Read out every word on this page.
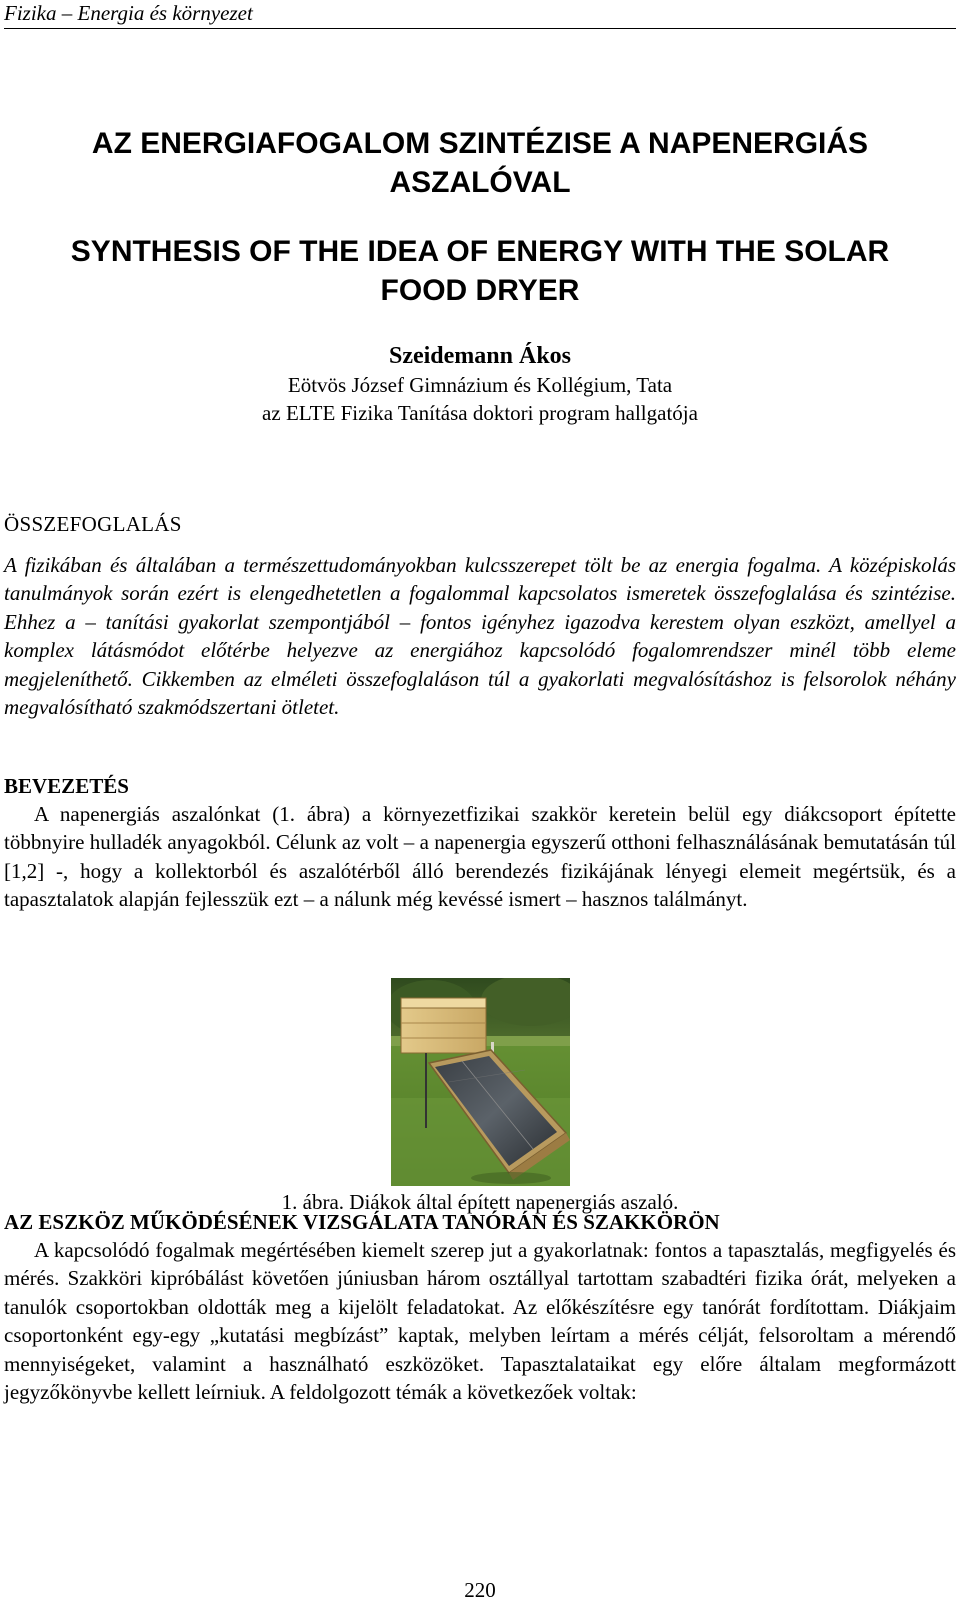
Fizika – Energia és környezet
AZ ENERGIAFOGALOM SZINTÉZISE A NAPENERGIÁS
ASZALÓVAL
SYNTHESIS OF THE IDEA OF ENERGY WITH THE SOLAR
FOOD DRYER
Szeidemann Ákos
Eötvös József Gimnázium és Kollégium, Tata
az ELTE Fizika Tanítása doktori program hallgatója
ÖSSZEFOGLALÁS
A fizikában és általában a természettudományokban kulcsszerepet tölt be az energia fogalma. A középiskolás tanulmányok során ezért is elengedhetetlen a fogalommal kapcsolatos ismeretek összefoglalása és szintézise. Ehhez a – tanítási gyakorlat szempontjából – fontos igényhez igazodva kerestem olyan eszközt, amellyel a komplex látásmódot előtérbe helyezve az energiához kapcsolódó fogalomrendszer minél több eleme megjeleníthető. Cikkemben az elméleti összefoglaláson túl a gyakorlati megvalósításhoz is felsorolok néhány megvalósítható szakmódszertani ötletet.
BEVEZETÉS
A napenergiás aszalónkat (1. ábra) a környezetfizikai szakkör keretein belül egy diákcsoport építette többnyire hulladék anyagokból. Célunk az volt – a napenergia egyszerű otthoni felhasználásának bemutatásán túl [1,2] -, hogy a kollektorból és aszalótérből álló berendezés fizikájának lényegi elemeit megértsük, és a tapasztalatok alapján fejlesszük ezt – a nálunk még kevéssé ismert – hasznos találmányt.
1. ábra. Diákok által épített napenergiás aszaló.
AZ ESZKÖZ MŰKÖDÉSÉNEK VIZSGÁLATA TANÓRÁN ÉS SZAKKÖRÖN
A kapcsolódó fogalmak megértésében kiemelt szerep jut a gyakorlatnak: fontos a tapasztalás, megfigyelés és mérés. Szakköri kipróbálást követően júniusban három osztállyal tartottam szabadtéri fizika órát, melyeken a tanulók csoportokban oldották meg a kijelölt feladatokat. Az előkészítésre egy tanórát fordítottam. Diákjaim csoportonként egy-egy „kutatási megbízást” kaptak, melyben leírtam a mérés célját, felsoroltam a mérendő mennyiségeket, valamint a használható eszközöket. Tapasztalataikat egy előre általam megformázott jegyzőkönyvbe kellett leírniuk. A feldolgozott témák a következőek voltak:
220
